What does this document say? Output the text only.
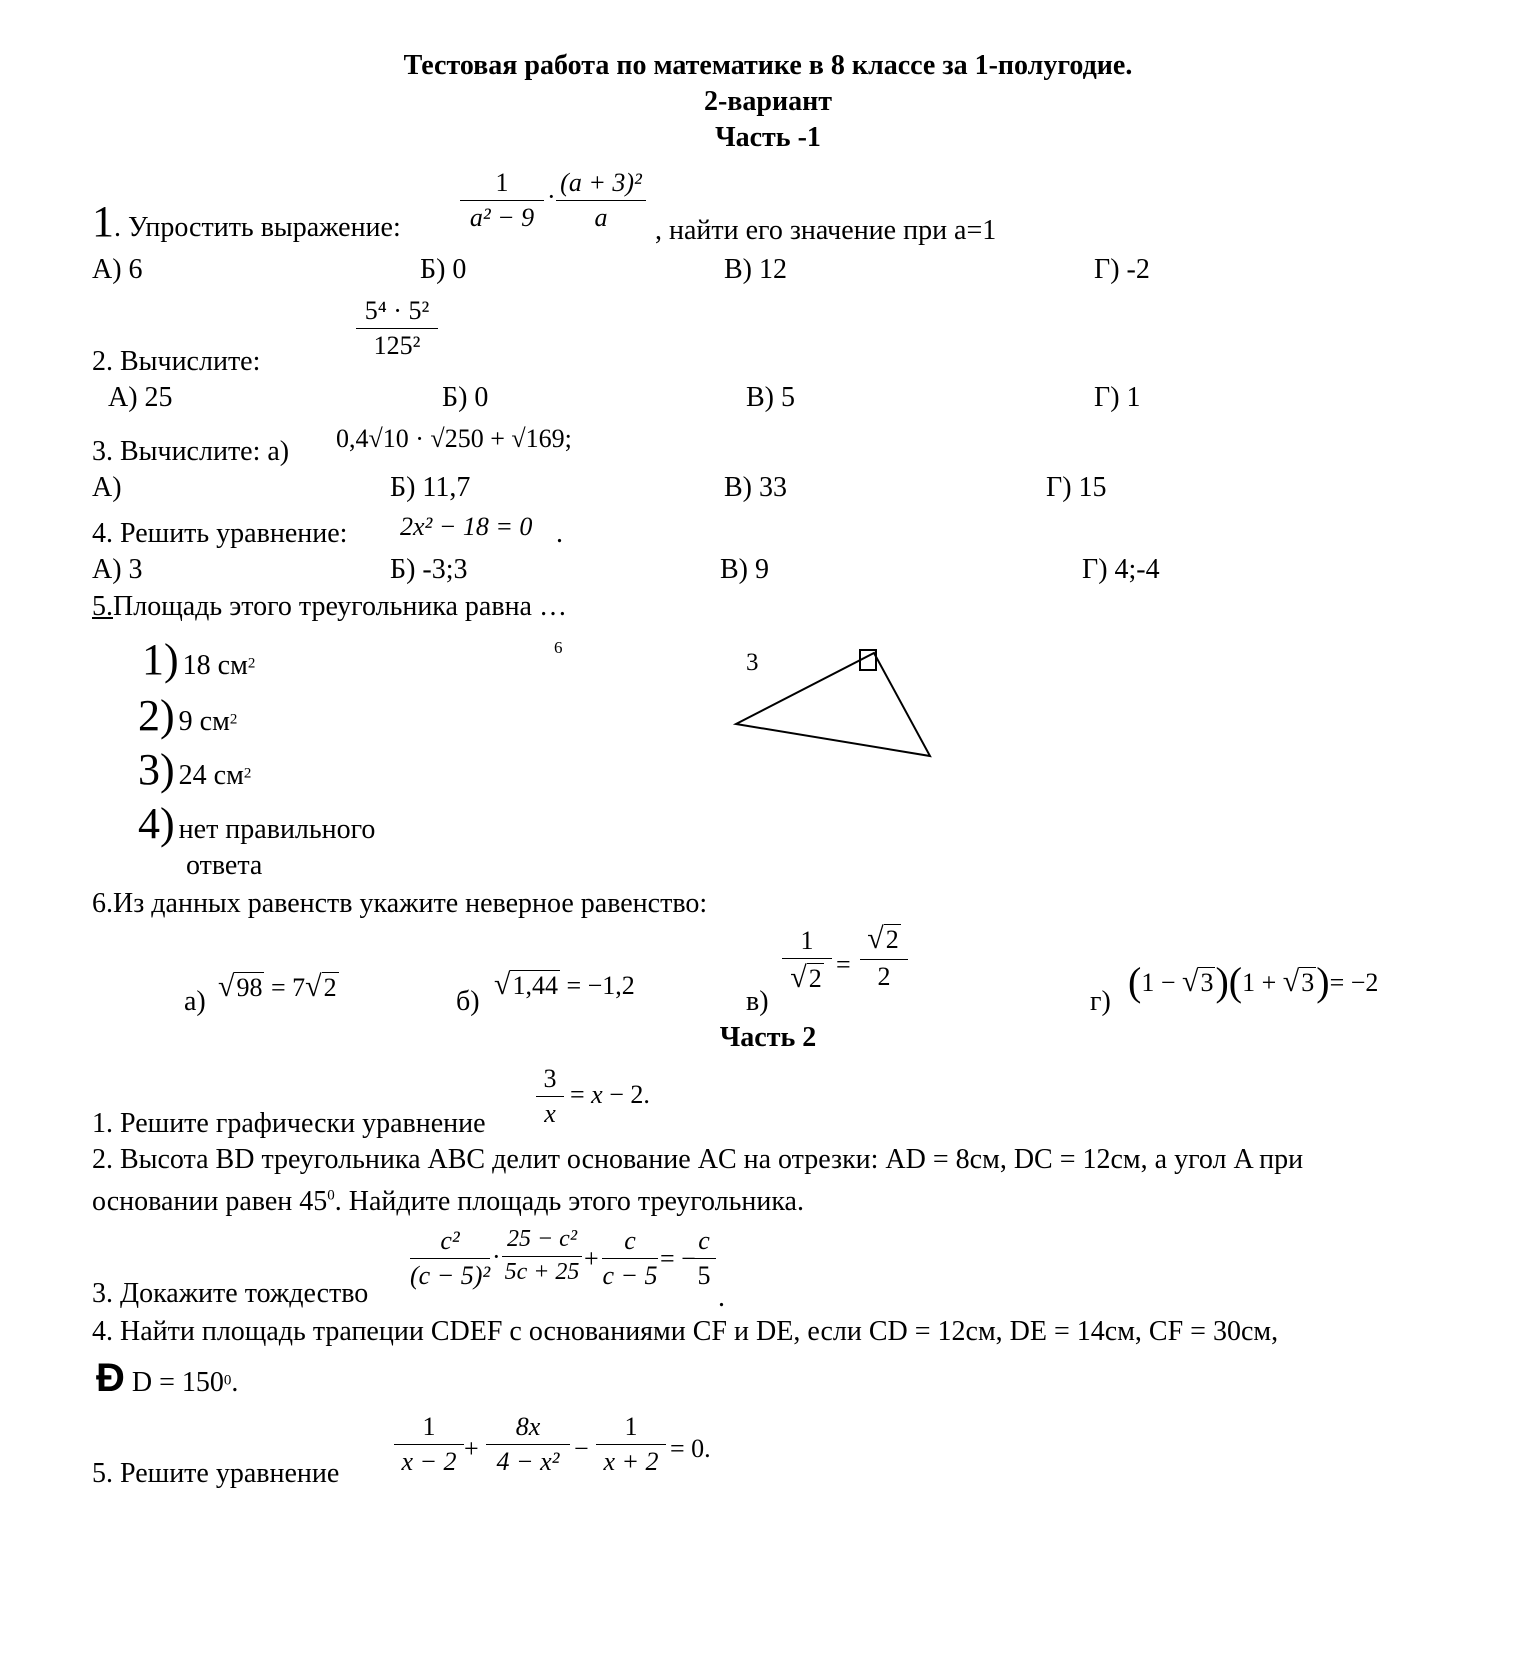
Тестовая работа по математике в 8 классе за 1-полугодие.
2-вариант
Часть -1
1. Упростить выражение:
1
a² − 9
· (a + 3)²
a	, найти его значение при а=1
А) 6	Б) 0	В) 12	Г) -2
5⁴ · 5²
125²
2. Вычислите:
А) 25	Б) 0	В) 5	Г) 1
3. Вычислите: а) 0,4√10 · √250 + √169;
А)	Б) 11,7	В) 33	Г) 15
4. Решить уравнение: 2x² − 18 = 0 .
А) 3	Б) -3;3	В) 9	Г) 4;-4
5.Площадь этого треугольника равна …
1) 18 $см^2$
2) 9 $см^2$
3) 24 $см^2$
4) нет правильного
ответа
6
3
6.Из данных равенств укажите неверное равенство:
а) √98 = 7√2	б)
√1,44 = −1,2
в)
1
√2 =
√2
2
г) (1 − √3)(1 + √3)= −2
Часть 2
3
x
= x − 2.
1. Решите графически уравнение
2. Высота BD треугольника ABC делит основание AC на отрезки: AD = 8см, DC = 12см, а угол A при
основании равен $45^0$. Найдите площадь этого треугольника.
3. Докажите тождество
c²
(c − 5)²
·
25 − c²
5c + 25 +
c
c − 5
= −
c
5
.
4. Найти площадь трапеции CDEF с основаниями CF и DE, если CD = 12см, DE = 14см, CF = 30см,
Ð $D = 150^0$.
5. Решите уравнение
1
x − 2 +
8x
4 − x² −
1
x + 2 = 0.
